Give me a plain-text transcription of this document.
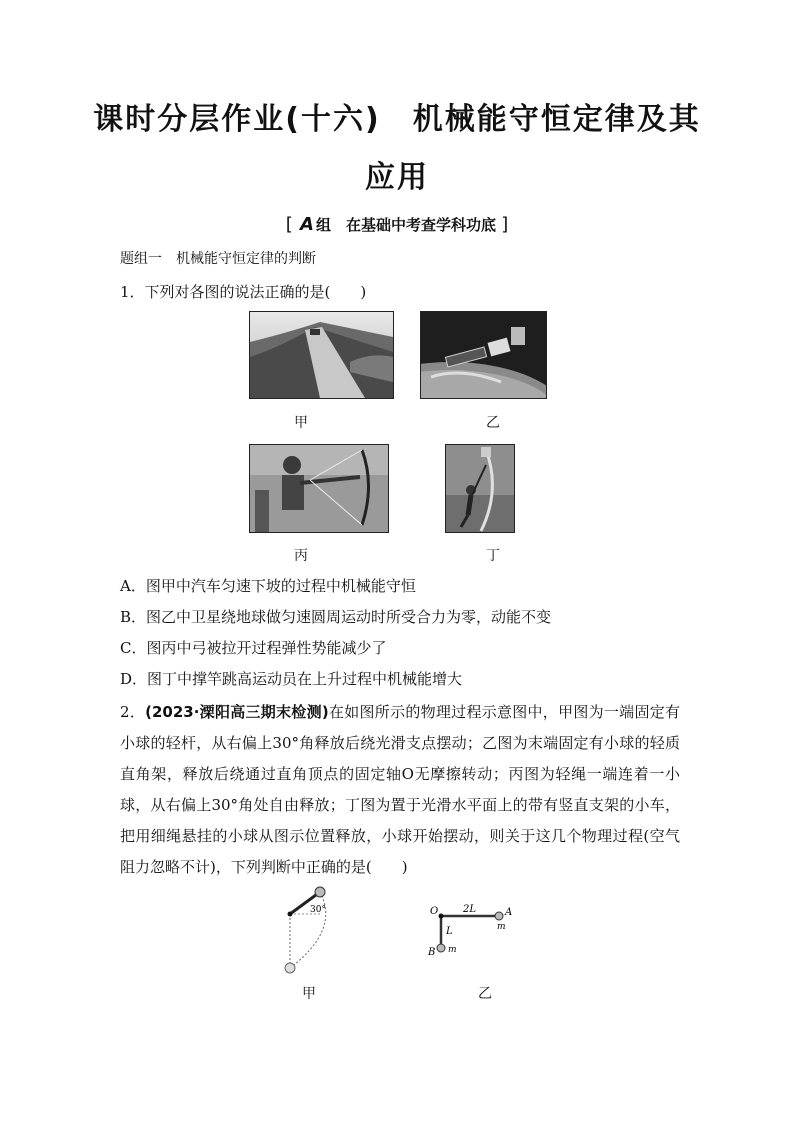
课时分层作业(十六)　机械能守恒定律及其
应用
[ A 组　在基础中考查学科功底 ]
题组一　机械能守恒定律的判断
1．下列对各图的说法正确的是(　　)
甲	乙
丙	丁
A．图甲中汽车匀速下坡的过程中机械能守恒
B．图乙中卫星绕地球做匀速圆周运动时所受合力为零，动能不变
C．图丙中弓被拉开过程弹性势能减少了
D．图丁中撑竿跳高运动员在上升过程中机械能增大
2．(2023·溧阳高三期末检测)在如图所示的物理过程示意图中，甲图为一端固定有小球的轻杆，从右偏上30°角释放后绕光滑支点摆动；乙图为末端固定有小球的轻质直角架，释放后绕通过直角顶点的固定轴O无摩擦转动；丙图为轻绳一端连着一小球，从右偏上30°角处自由释放；丁图为置于光滑水平面上的带有竖直支架的小车，把用细绳悬挂的小球从图示位置释放，小球开始摆动，则关于这几个物理过程(空气阻力忽略不计)，下列判断中正确的是(　　)
30°
甲
O 2L	A
m
L
B m
乙
